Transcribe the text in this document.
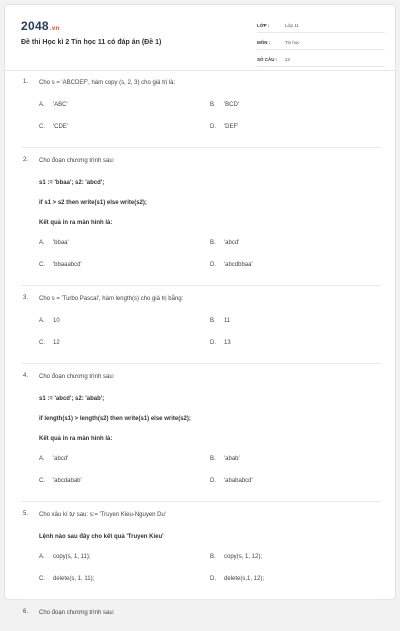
2048.vn
Đề thi Học kì 2 Tin học 11 có đáp án (Đề 1)
LỚP :	Lớp 11
MÔN :	Tin học
SỐ CÂU :	22
1. Cho s = 'ABCDEF', hàm copy (s, 2, 3) cho giá trị là:
A.	'ABC'	B.	'BCD'
C.	'CDE'	D.	'DEF'
2. Cho đoạn chương trình sau:
s1 := 'bbaa'; s2: 'abcd';
if s1 > s2 then write(s1) else write(s2);
Kết quả in ra màn hình là:
A.	'bbaa'	B.	'abcd'
C.	'bbaaabcd'	D.	'abcdbbaa'
3. Cho s = 'Turbo Pascal', hàm length(s) cho giá trị bằng:
A.	10	B.	11
C.	12	D.	13
4. Cho đoạn chương trình sau:
s1 := 'abcd'; s2: 'abab';
if length(s1) > length(s2) then write(s1) else write(s2);
Kết quả in ra màn hình là:
A.	'abcd'	B.	'abab'
C.	'abcdabab'	D.	'abababcd'
5. Cho xâu kí tự sau: s:= 'Truyen Kieu-Nguyen Du'
Lệnh nào sau đây cho kết quả 'Truyen Kieu'
A.	copy(s, 1, 11);	B.	copy(s, 1, 12);
C.	delete(s, 1, 11);	D.	delete(s,1, 12);
6. Cho đoạn chương trình sau:
